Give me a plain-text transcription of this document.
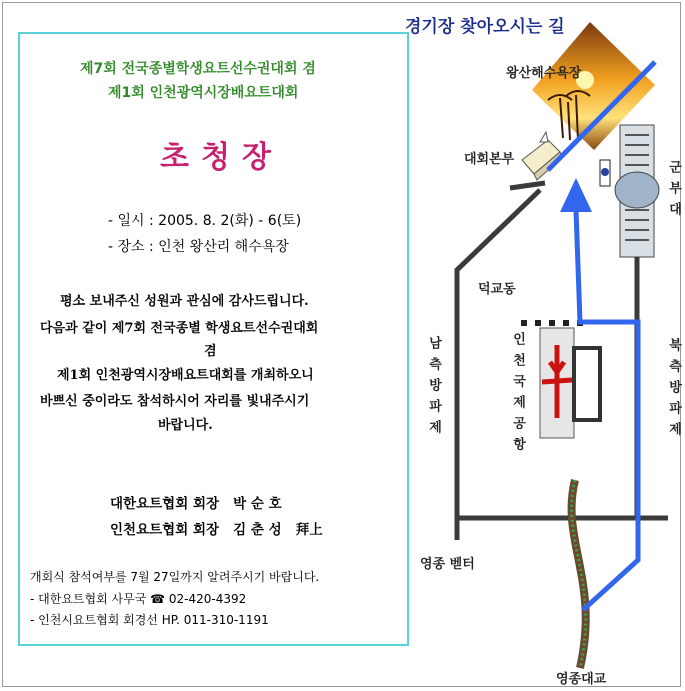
제7회 전국종별학생요트선수권대회 겸
제1회 인천광역시장배요트대회
초청장
- 일시 : 2005. 8. 2(화) - 6(토)
- 장소 : 인천 왕산리 해수욕장
평소 보내주신 성원과 관심에 감사드립니다.
다음과 같이 제7회 전국종별 학생요트선수권대회
겸
제1회 인천광역시장배요트대회를 개최하오니
바쁘신 중이라도 참석하시어 자리를 빛내주시기
바랍니다.
대한요트협회 회장   박 순 호
인천요트협회 회장   김 춘 성   拜上
개회식 참석여부를 7월 27일까지 알려주시기 바랍니다.
- 대한요트협회 사무국 ☎ 02-420-4392
- 인천시요트협회 회경선 HP. 011-310-1191
경기장 찾아오시는 길
왕산해수욕장
대회본부
군부대
덕교동
남측방파제	인천국제공항	북측방파제
영종 벧터
영종대교
